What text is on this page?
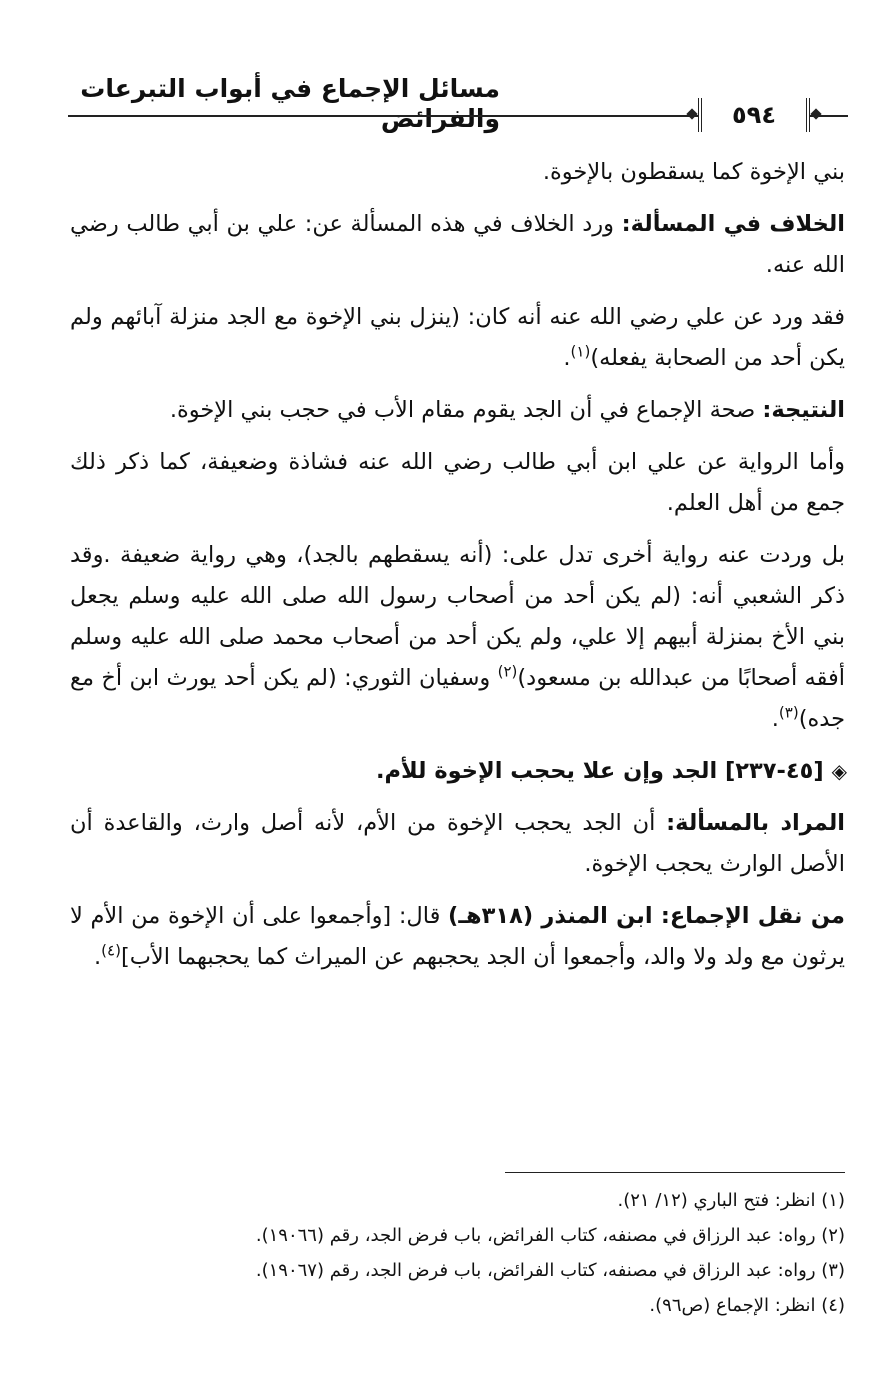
مسائل الإجماع في أبواب التبرعات والفرائض	٥٩٤

بني الإخوة كما يسقطون بالإخوة.

الخلاف في المسألة: ورد الخلاف في هذه المسألة عن: علي بن أبي طالب رضي الله عنه.

فقد ورد عن علي رضي الله عنه أنه كان: (ينزل بني الإخوة مع الجد منزلة آبائهم ولم يكن أحد من الصحابة يفعله)$^{(١)}$.

النتيجة: صحة الإجماع في أن الجد يقوم مقام الأب في حجب بني الإخوة.

وأما الرواية عن علي ابن أبي طالب رضي الله عنه فشاذة وضعيفة، كما ذكر ذلك جمع من أهل العلم.

بل وردت عنه رواية أخرى تدل على: (أنه يسقطهم بالجد)، وهي رواية ضعيفة .وقد ذكر الشعبي أنه: (لم يكن أحد من أصحاب رسول الله صلى الله عليه وسلم يجعل بني الأخ بمنزلة أبيهم إلا علي، ولم يكن أحد من أصحاب محمد صلى الله عليه وسلم أفقه أصحابًا من عبدالله بن مسعود)$^{(٢)}$ وسفيان الثوري: (لم يكن أحد يورث ابن أخ مع جده)$^{(٣)}$.

◈[٤٥-٢٣٧] الجد وإن علا يحجب الإخوة للأم.

المراد بالمسألة: أن الجد يحجب الإخوة من الأم، لأنه أصل وارث، والقاعدة أن الأصل الوارث يحجب الإخوة.

من نقل الإجماع: ابن المنذر (٣١٨هـ) قال: [وأجمعوا على أن الإخوة من الأم لا يرثون مع ولد ولا والد، وأجمعوا أن الجد يحجبهم عن الميراث كما يحجبهما الأب]$^{(٤)}$.

(١) انظر: فتح الباري (١٢/ ٢١).

(٢) رواه: عبد الرزاق في مصنفه، كتاب الفرائض، باب فرض الجد، رقم (١٩٠٦٦).

(٣) رواه: عبد الرزاق في مصنفه، كتاب الفرائض، باب فرض الجد، رقم (١٩٠٦٧).

(٤) انظر: الإجماع (ص٩٦).
